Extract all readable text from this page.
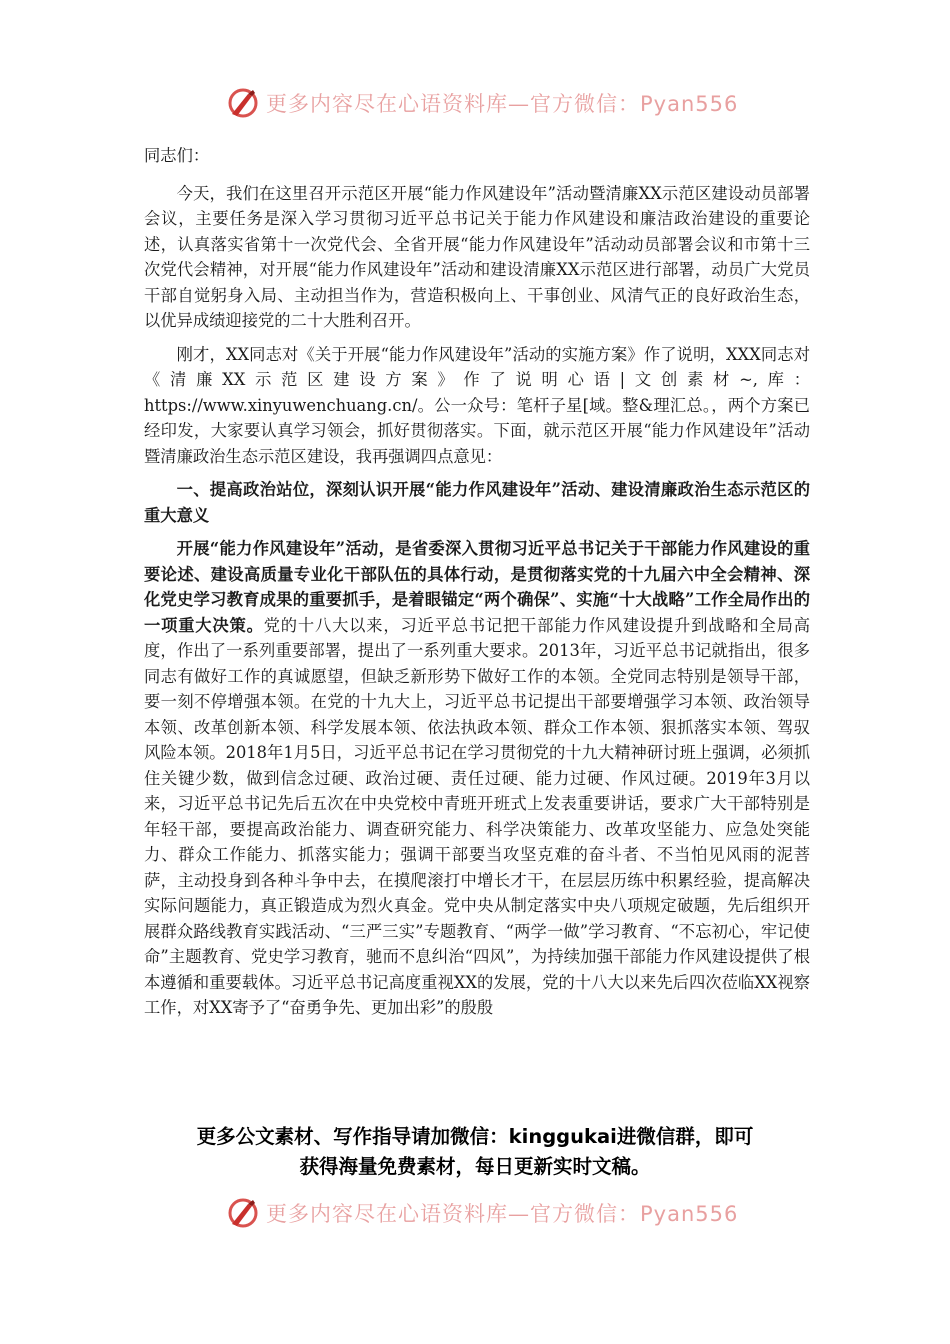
更多内容尽在心语资料库—官方微信：Pyan556

同志们：

今天，我们在这里召开示范区开展“能力作风建设年”活动暨清廉XX示范区建设动员部署会议，主要任务是深入学习贯彻习近平总书记关于能力作风建设和廉洁政治建设的重要论述，认真落实省第十一次党代会、全省开展“能力作风建设年”活动动员部署会议和市第十三次党代会精神，对开展“能力作风建设年”活动和建设清廉XX示范区进行部署，动员广大党员干部自觉躬身入局、主动担当作为，营造积极向上、干事创业、风清气正的良好政治生态，以优异成绩迎接党的二十大胜利召开。

刚才，XX同志对《关于开展“能力作风建设年”活动的实施方案》作了说明，XXX同志对《清廉XX示范区建设方案》作了说明心语|文创素材~,库：https://www.xinyuwenchuang.cn/。公一众号：笔杆子星[域。整&理汇总。，两个方案已经印发，大家要认真学习领会，抓好贯彻落实。下面，就示范区开展“能力作风建设年”活动暨清廉政治生态示范区建设，我再强调四点意见：

一、提高政治站位，深刻认识开展“能力作风建设年”活动、建设清廉政治生态示范区的重大意义

开展“能力作风建设年”活动，是省委深入贯彻习近平总书记关于干部能力作风建设的重要论述、建设高质量专业化干部队伍的具体行动，是贯彻落实党的十九届六中全会精神、深化党史学习教育成果的重要抓手，是着眼锚定“两个确保”、实施“十大战略”工作全局作出的一项重大决策。党的十八大以来，习近平总书记把干部能力作风建设提升到战略和全局高度，作出了一系列重要部署，提出了一系列重大要求。2013年，习近平总书记就指出，很多同志有做好工作的真诚愿望，但缺乏新形势下做好工作的本领。全党同志特别是领导干部，要一刻不停增强本领。在党的十九大上，习近平总书记提出干部要增强学习本领、政治领导本领、改革创新本领、科学发展本领、依法执政本领、群众工作本领、狠抓落实本领、驾驭风险本领。2018年1月5日，习近平总书记在学习贯彻党的十九大精神研讨班上强调，必须抓住关键少数，做到信念过硬、政治过硬、责任过硬、能力过硬、作风过硬。2019年3月以来，习近平总书记先后五次在中央党校中青班开班式上发表重要讲话，要求广大干部特别是年轻干部，要提高政治能力、调查研究能力、科学决策能力、改革攻坚能力、应急处突能力、群众工作能力、抓落实能力；强调干部要当攻坚克难的奋斗者、不当怕见风雨的泥菩萨，主动投身到各种斗争中去，在摸爬滚打中增长才干，在层层历练中积累经验，提高解决实际问题能力，真正锻造成为烈火真金。党中央从制定落实中央八项规定破题，先后组织开展群众路线教育实践活动、“三严三实”专题教育、“两学一做”学习教育、“不忘初心，牢记使命”主题教育、党史学习教育，驰而不息纠治“四风”，为持续加强干部能力作风建设提供了根本遵循和重要载体。习近平总书记高度重视XX的发展，党的十八大以来先后四次莅临XX视察工作，对XX寄予了“奋勇争先、更加出彩”的殷殷

更多公文素材、写作指导请加微信：kinggukai进微信群，即可
获得海量免费素材，每日更新实时文稿。
更多内容尽在心语资料库—官方微信：Pyan556
